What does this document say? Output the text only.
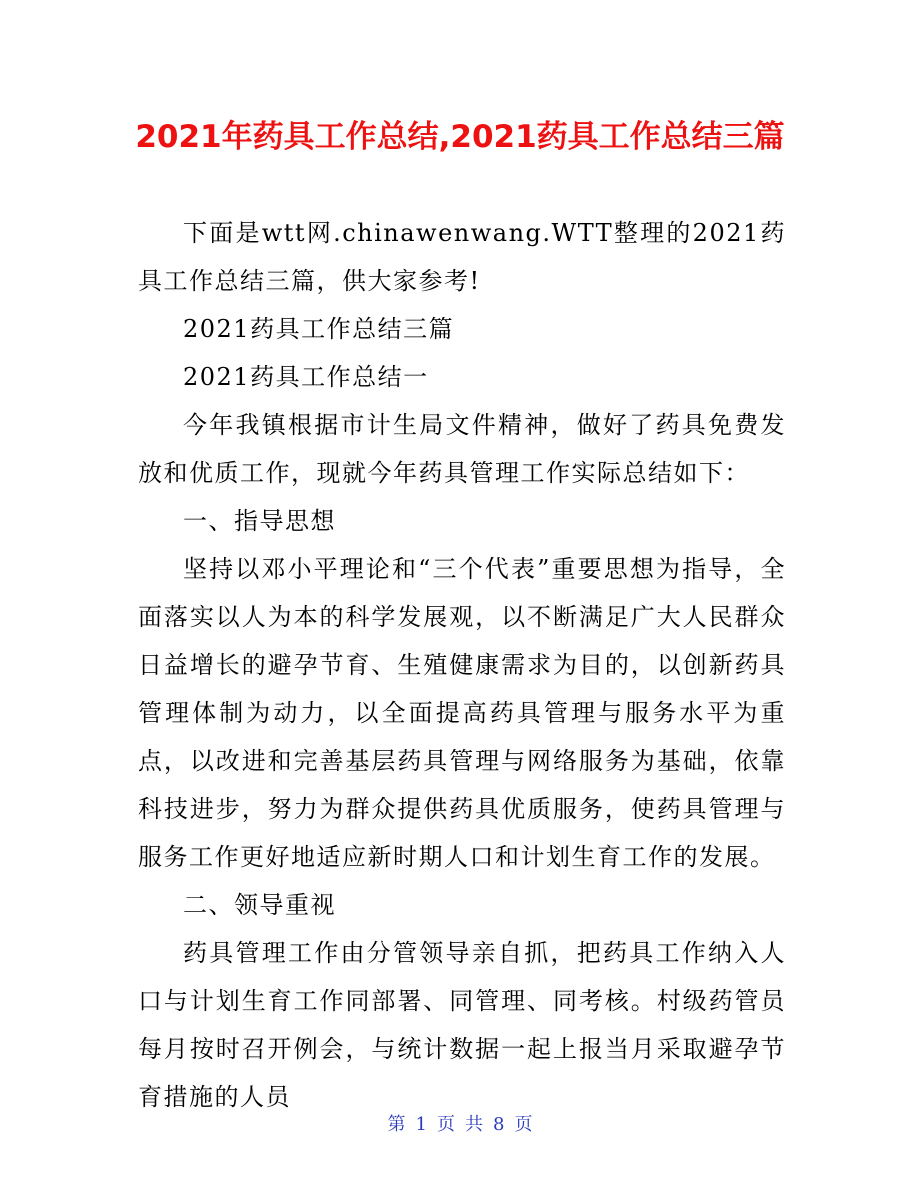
2021年药具工作总结,2021药具工作总结三篇

下面是wtt网.chinawenwang.WTT整理的2021药具工作总结三篇，供大家参考!

2021药具工作总结三篇

2021药具工作总结一

今年我镇根据市计生局文件精神，做好了药具免费发放和优质工作，现就今年药具管理工作实际总结如下：

一、指导思想

坚持以邓小平理论和“三个代表”重要思想为指导，全面落实以人为本的科学发展观，以不断满足广大人民群众日益增长的避孕节育、生殖健康需求为目的，以创新药具管理体制为动力，以全面提高药具管理与服务水平为重点，以改进和完善基层药具管理与网络服务为基础，依靠科技进步，努力为群众提供药具优质服务，使药具管理与服务工作更好地适应新时期人口和计划生育工作的发展。

二、领导重视

药具管理工作由分管领导亲自抓，把药具工作纳入人口与计划生育工作同部署、同管理、同考核。村级药管员每月按时召开例会，与统计数据一起上报当月采取避孕节育措施的人员

第 1 页 共 8 页
